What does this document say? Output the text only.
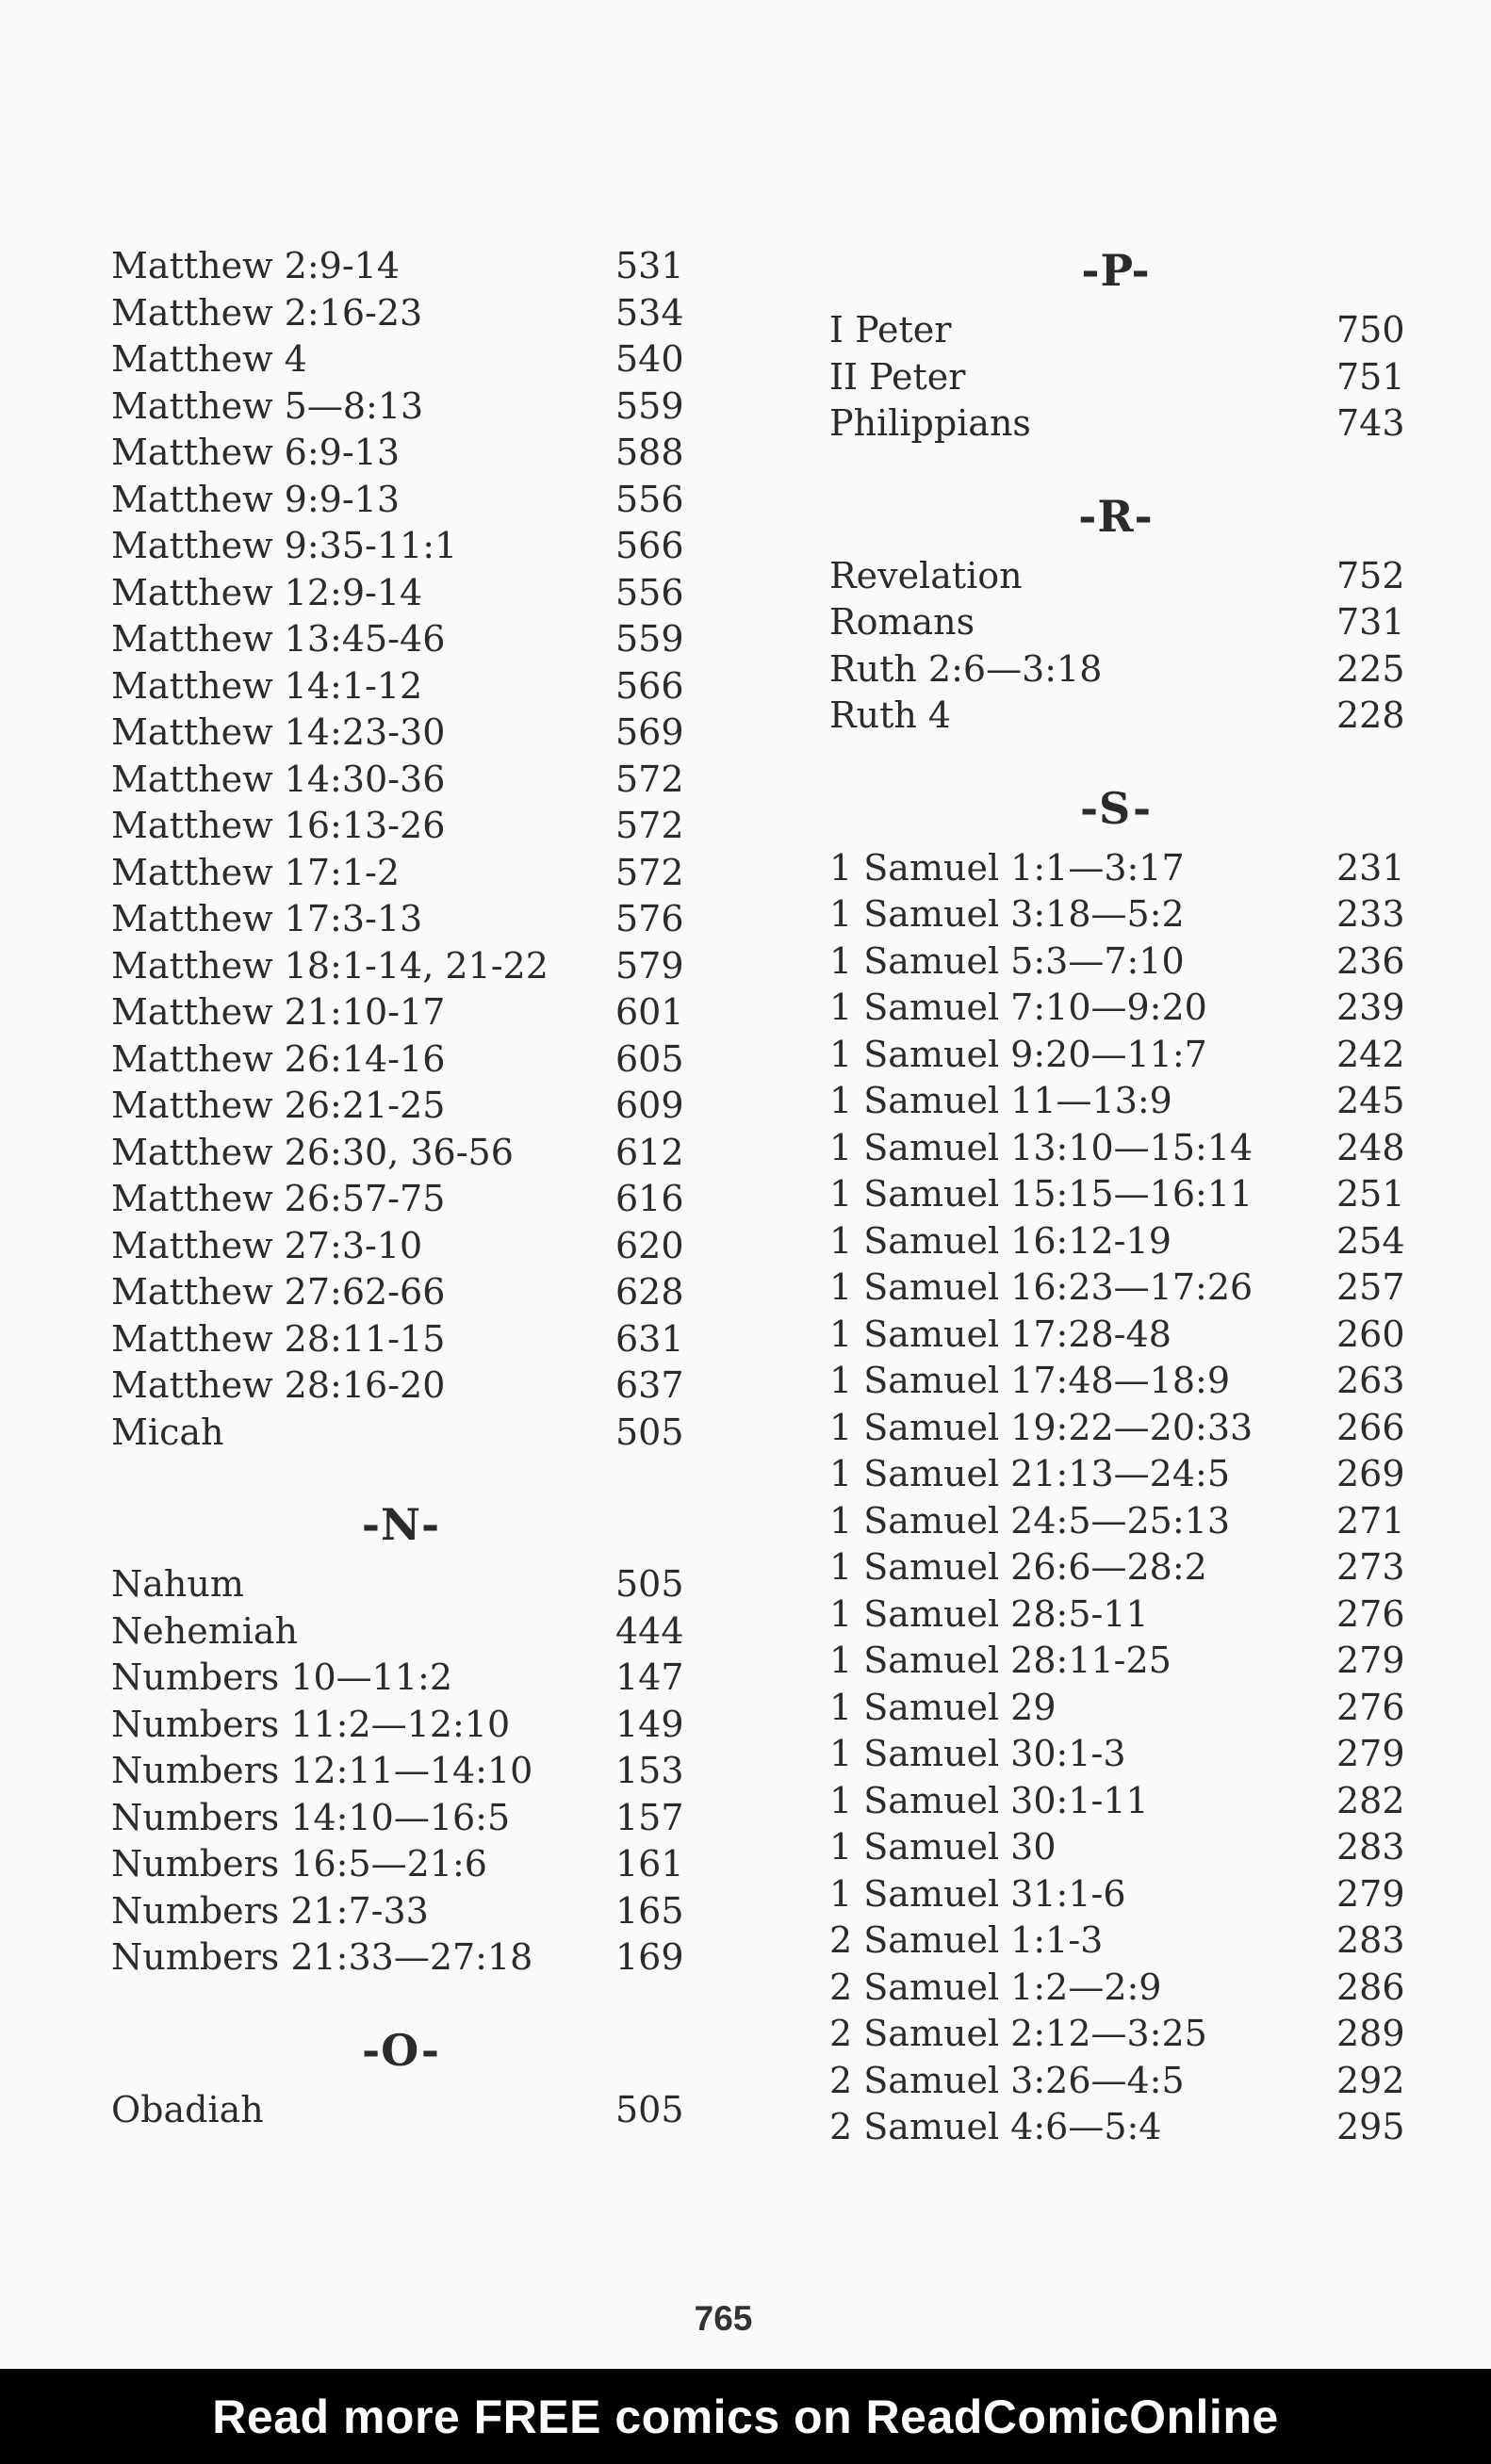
Matthew 2:9-14	531
Matthew 2:16-23	534
Matthew 4	540
Matthew 5—8:13	559
Matthew 6:9-13	588
Matthew 9:9-13	556
Matthew 9:35-11:1	566
Matthew 12:9-14	556
Matthew 13:45-46	559
Matthew 14:1-12	566
Matthew 14:23-30	569
Matthew 14:30-36	572
Matthew 16:13-26	572
Matthew 17:1-2	572
Matthew 17:3-13	576
Matthew 18:1-14, 21-22 579
Matthew 21:10-17	601
Matthew 26:14-16	605
Matthew 26:21-25	609
Matthew 26:30, 36-56	612
Matthew 26:57-75	616
Matthew 27:3-10	620
Matthew 27:62-66	628
Matthew 28:11-15	631
Matthew 28:16-20	637
Micah	505
-N-
Nahum	505
Nehemiah	444
Numbers 10—11:2	147
Numbers 11:2—12:10	149
Numbers 12:11—14:10 153
Numbers 14:10—16:5	157
Numbers 16:5—21:6	161
Numbers 21:7-33	165
Numbers 21:33—27:18 169
-O-
Obadiah	505
-P-
I Peter	750
II Peter	751
Philippians	743
-R-
Revelation	752
Romans	731
Ruth 2:6—3:18	225
Ruth 4	228
-S-
1 Samuel 1:1—3:17	231
1 Samuel 3:18—5:2	233
1 Samuel 5:3—7:10	236
1 Samuel 7:10—9:20	239
1 Samuel 9:20—11:7	242
1 Samuel 11—13:9	245
1 Samuel 13:10—15:14 248
1 Samuel 15:15—16:11 251
1 Samuel 16:12-19	254
1 Samuel 16:23—17:26 257
1 Samuel 17:28-48	260
1 Samuel 17:48—18:9	263
1 Samuel 19:22—20:33 266
1 Samuel 21:13—24:5	269
1 Samuel 24:5—25:13	271
1 Samuel 26:6—28:2	273
1 Samuel 28:5-11	276
1 Samuel 28:11-25	279
1 Samuel 29	276
1 Samuel 30:1-3	279
1 Samuel 30:1-11	282
1 Samuel 30	283
1 Samuel 31:1-6	279
2 Samuel 1:1-3	283
2 Samuel 1:2—2:9	286
2 Samuel 2:12—3:25	289
2 Samuel 3:26—4:5	292
2 Samuel 4:6—5:4	295
765
Read more FREE comics on ReadComicOnline
